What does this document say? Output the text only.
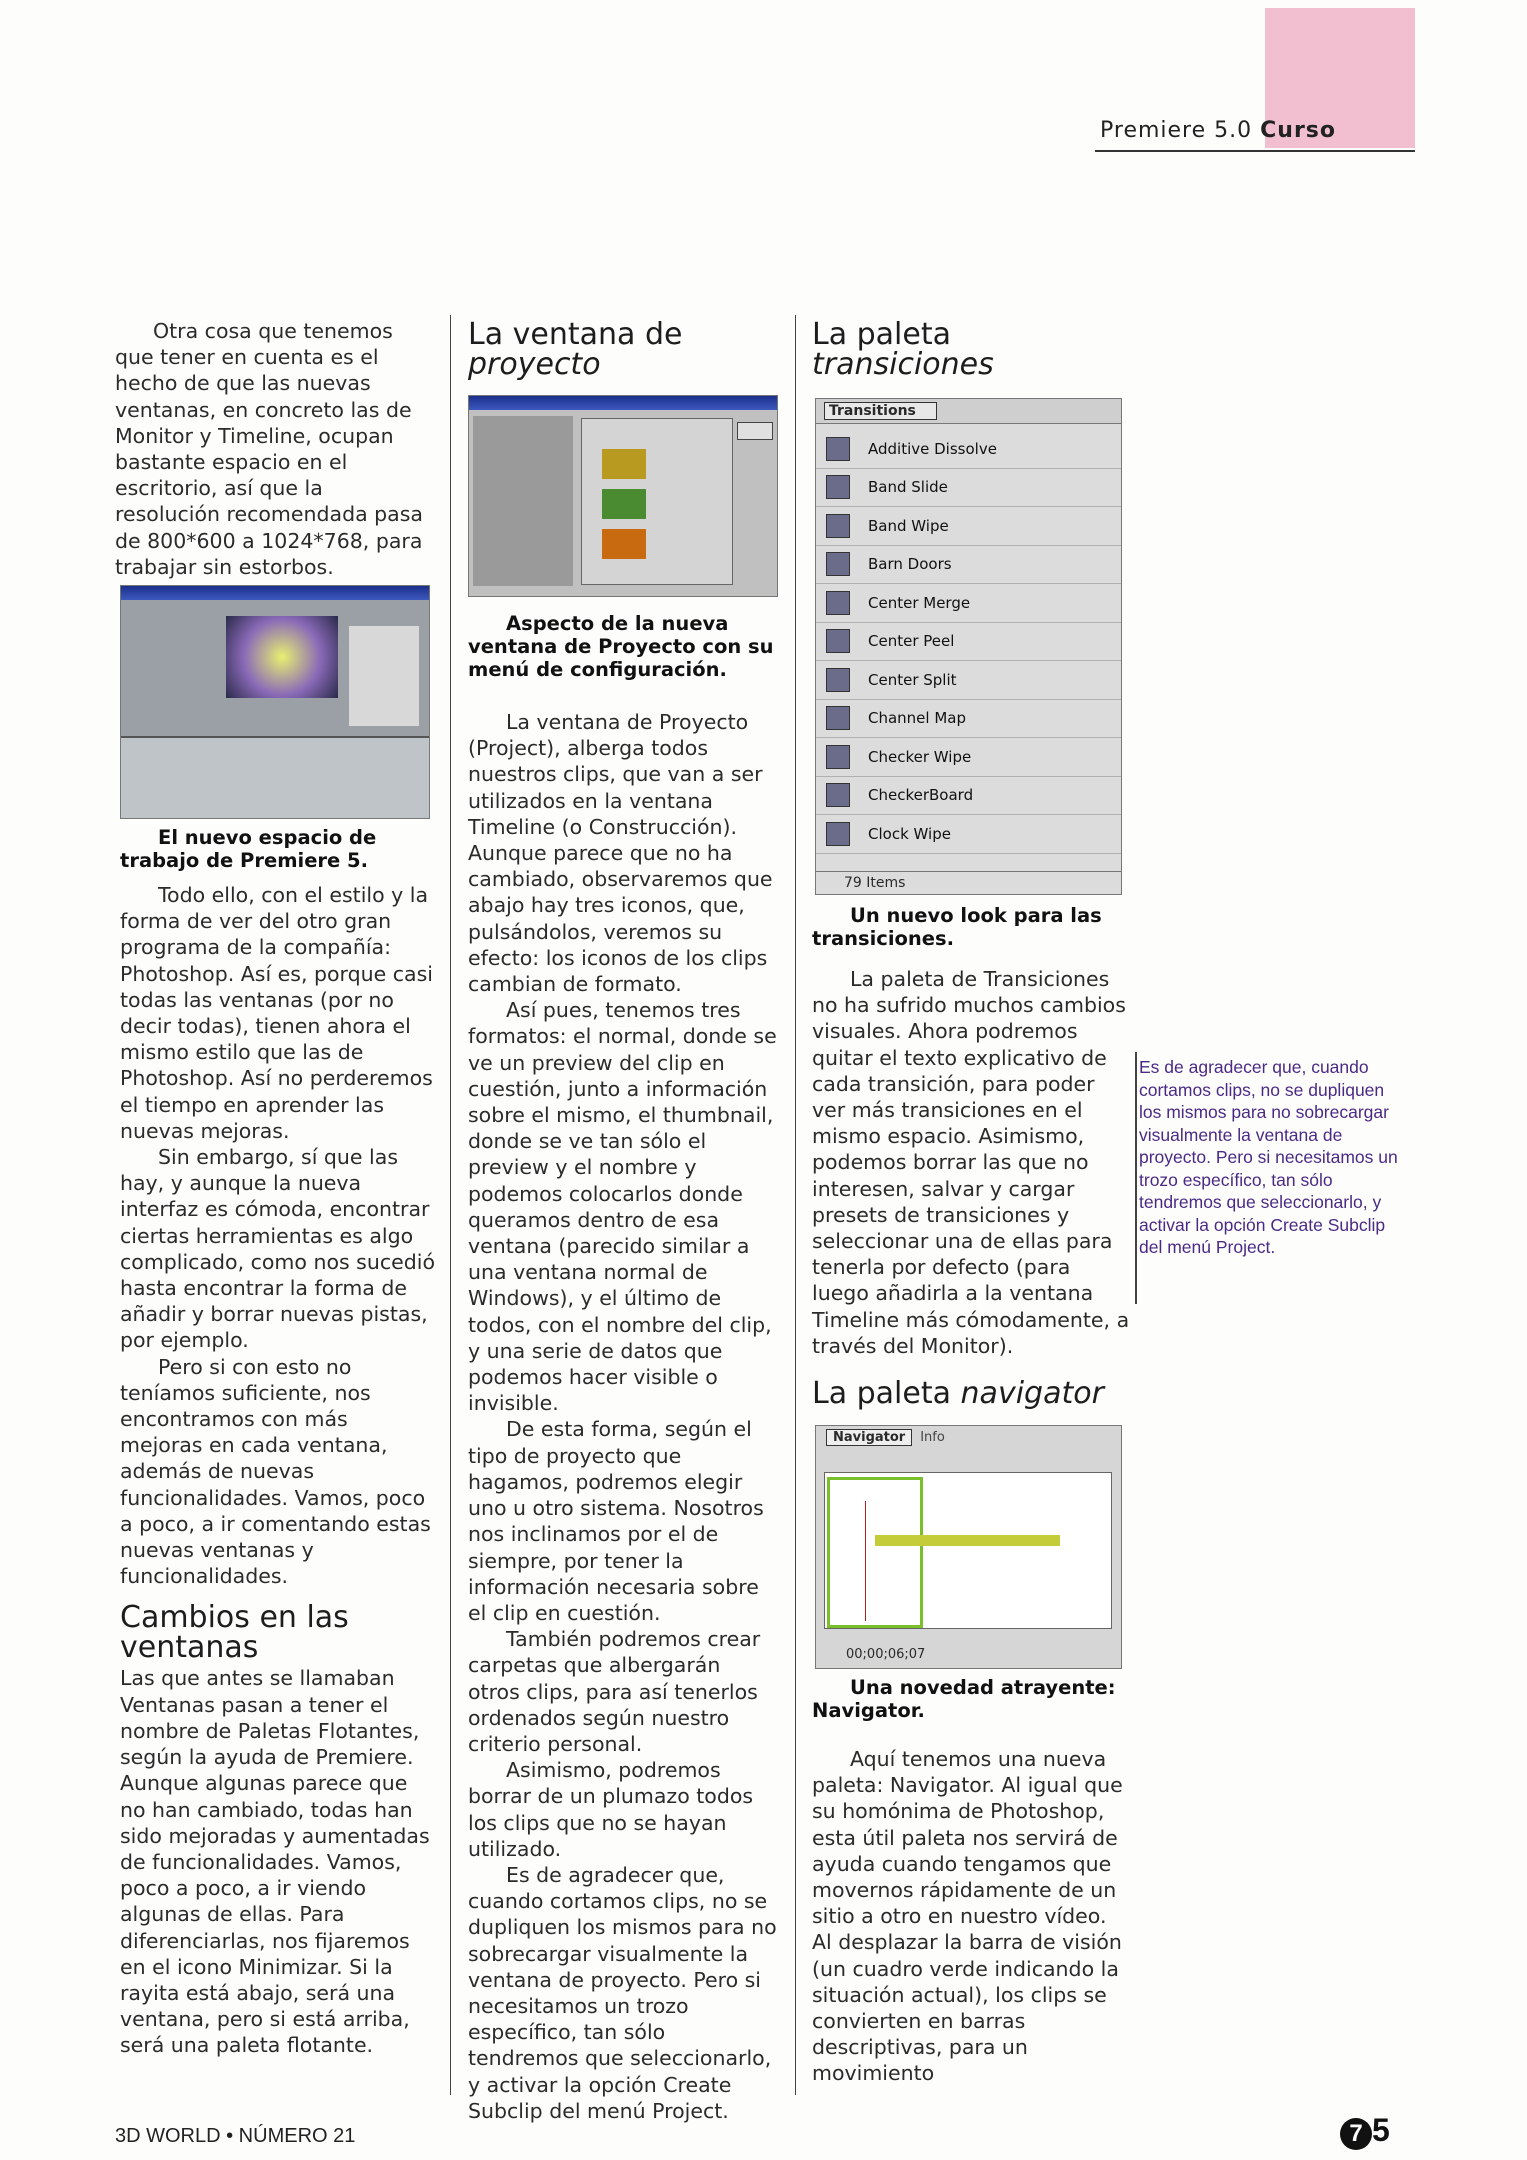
Premiere 5.0 Curso

Otra cosa que tenemos que tener en cuenta es el hecho de que las nuevas ventanas, en concreto las de Monitor y Timeline, ocupan bastante espacio en el escritorio, así que la resolución recomendada pasa de 800*600 a 1024*768, para trabajar sin estorbos.

El nuevo espacio de trabajo de Premiere 5.

Todo ello, con el estilo y la forma de ver del otro gran programa de la compañía: Photoshop. Así es, porque casi todas las ventanas (por no decir todas), tienen ahora el mismo estilo que las de Photoshop. Así no perderemos el tiempo en aprender las nuevas mejoras.

Sin embargo, sí que las hay, y aunque la nueva interfaz es cómoda, encontrar ciertas herramientas es algo complicado, como nos sucedió hasta encontrar la forma de añadir y borrar nuevas pistas, por ejemplo.

Pero si con esto no teníamos suficiente, nos encontramos con más mejoras en cada ventana, además de nuevas funcionalidades. Vamos, poco a poco, a ir comentando estas nuevas ventanas y funcionalidades.

Cambios en las ventanas

Las que antes se llamaban Ventanas pasan a tener el nombre de Paletas Flotantes, según la ayuda de Premiere. Aunque algunas parece que no han cambiado, todas han sido mejoradas y aumentadas de funcionalidades. Vamos, poco a poco, a ir viendo algunas de ellas. Para diferenciarlas, nos fijaremos en el icono Minimizar. Si la rayita está abajo, será una ventana, pero si está arriba, será una paleta flotante.

La ventana de
proyecto

Aspecto de la nueva ventana de Proyecto con su menú de configuración.

La ventana de Proyecto (Project), alberga todos nuestros clips, que van a ser utilizados en la ventana Timeline (o Construcción). Aunque parece que no ha cambiado, observaremos que abajo hay tres iconos, que, pulsándolos, veremos su efecto: los iconos de los clips cambian de formato.

Así pues, tenemos tres formatos: el normal, donde se ve un preview del clip en cuestión, junto a información sobre el mismo, el thumbnail, donde se ve tan sólo el preview y el nombre y podemos colocarlos donde queramos dentro de esa ventana (parecido similar a una ventana normal de Windows), y el último de todos, con el nombre del clip, y una serie de datos que podemos hacer visible o invisible.

De esta forma, según el tipo de proyecto que hagamos, podremos elegir uno u otro sistema. Nosotros nos inclinamos por el de siempre, por tener la información necesaria sobre el clip en cuestión.

También podremos crear carpetas que albergarán otros clips, para así tenerlos ordenados según nuestro criterio personal.

Asimismo, podremos borrar de un plumazo todos los clips que no se hayan utilizado.

Es de agradecer que, cuando cortamos clips, no se dupliquen los mismos para no sobrecargar visualmente la ventana de proyecto. Pero si necesitamos un trozo específico, tan sólo tendremos que seleccionarlo, y activar la opción Create Subclip del menú Project.

La paleta
transiciones
Transitions
Additive Dissolve
Band Slide
Band Wipe
Barn Doors
Center Merge
Center Peel
Center Split
Channel Map
Checker Wipe
CheckerBoard
Clock Wipe
79 Items

Un nuevo look para las transiciones.

La paleta de Transiciones no ha sufrido muchos cambios visuales. Ahora podremos quitar el texto explicativo de cada transición, para poder ver más transiciones en el mismo espacio. Asimismo, podemos borrar las que no interesen, salvar y cargar presets de transiciones y seleccionar una de ellas para tenerla por defecto (para luego añadirla a la ventana Timeline más cómodamente, a través del Monitor).

La paleta navigator
Navigator	Info
00;00;06;07

Una novedad atrayente: Navigator.

Aquí tenemos una nueva paleta: Navigator. Al igual que su homónima de Photoshop, esta útil paleta nos servirá de ayuda cuando tengamos que movernos rápidamente de un sitio a otro en nuestro vídeo. Al desplazar la barra de visión (un cuadro verde indicando la situación actual), los clips se convierten en barras descriptivas, para un movimiento

Es de agradecer que, cuando cortamos clips, no se dupliquen los mismos para no sobrecargar visualmente la ventana de proyecto. Pero si necesitamos un trozo específico, tan sólo tendremos que seleccionarlo, y activar la opción Create Subclip del menú Project.
3D WORLD • NÚMERO 21	7 5
